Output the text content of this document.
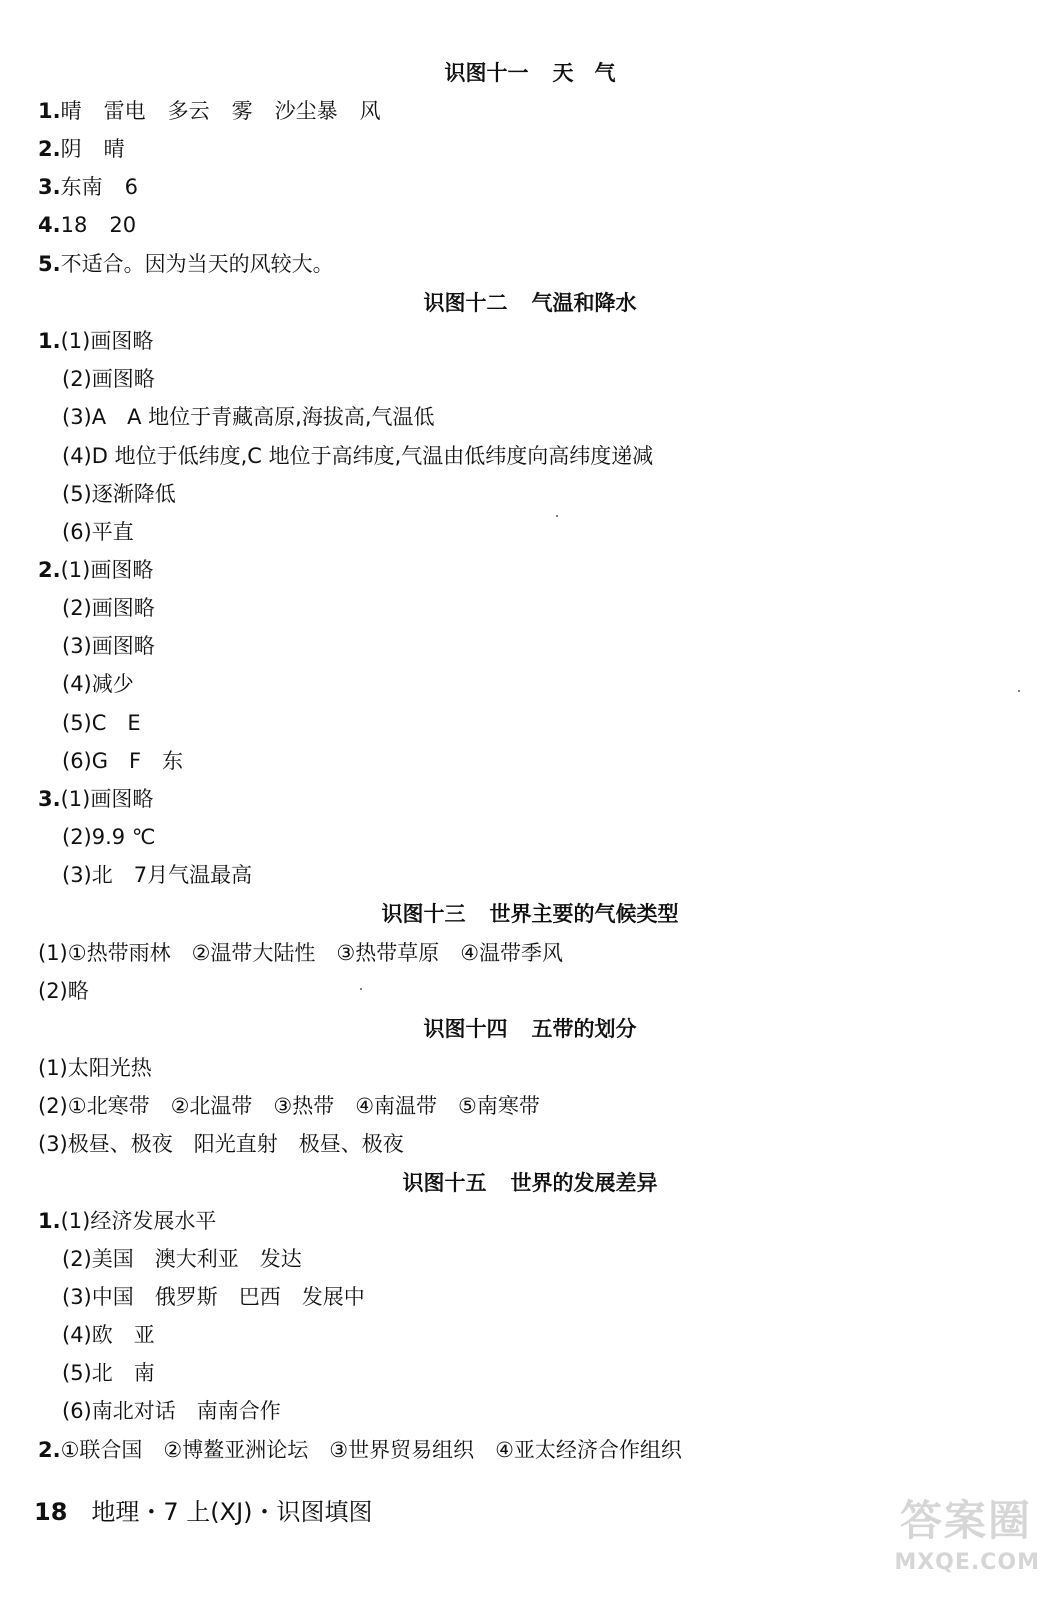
识图十一 天　气
1.晴 雷电 多云 雾 沙尘暴 风
2.阴 晴
3.东南 6
4.18 20
5.不适合。因为当天的风较大。
识图十二 气温和降水
1.(1)画图略
(2)画图略
(3)A　A 地位于青藏高原,海拔高,气温低
(4)D 地位于低纬度,C 地位于高纬度,气温由低纬度向高纬度递减
(5)逐渐降低
(6)平直
2.(1)画图略
(2)画图略
(3)画图略
(4)减少
(5)C　E
(6)G　F　东
3.(1)画图略
(2)9.9 ℃
(3)北　7月气温最高
识图十三 世界主要的气候类型
(1)①热带雨林　②温带大陆性　③热带草原　④温带季风
(2)略
识图十四 五带的划分
(1)太阳光热
(2)①北寒带　②北温带　③热带　④南温带　⑤南寒带
(3)极昼、极夜　阳光直射　极昼、极夜
识图十五 世界的发展差异
1.(1)经济发展水平
(2)美国　澳大利亚　发达
(3)中国　俄罗斯　巴西　发展中
(4)欧　亚
(5)北　南
(6)南北对话　南南合作
2.①联合国　②博鳌亚洲论坛　③世界贸易组织　④亚太经济合作组织
18 地理・7 上(XJ)・识图填图	答案圈
MXQE.COM
